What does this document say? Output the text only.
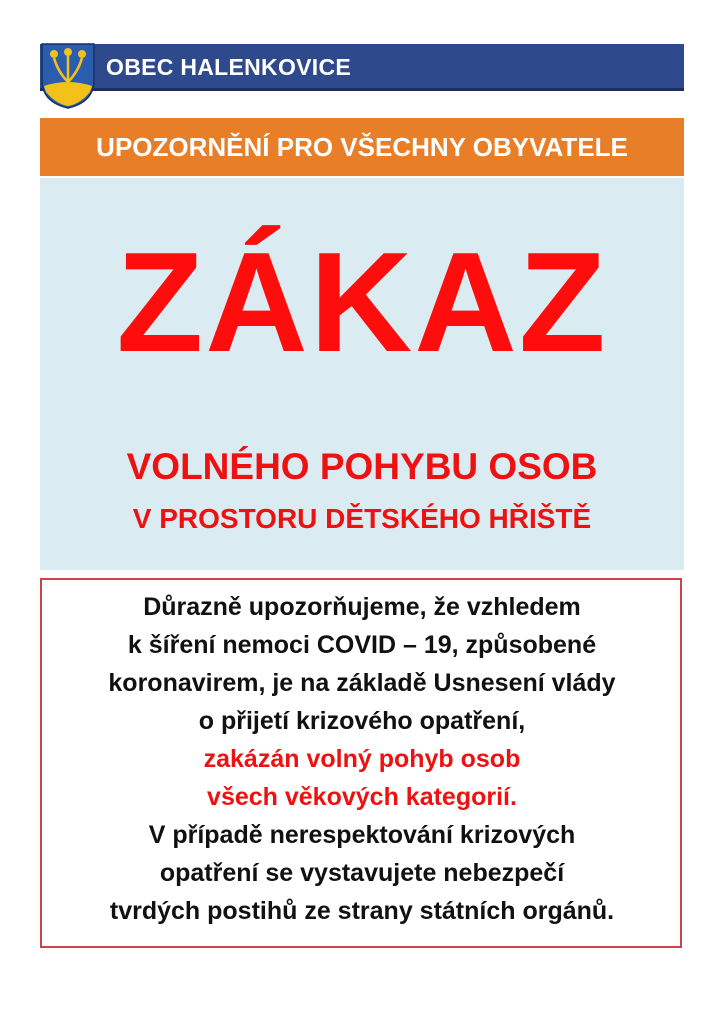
OBEC HALENKOVICE
UPOZORNĚNÍ PRO VŠECHNY OBYVATELE
ZÁKAZ
VOLNÉHO POHYBU OSOB
V PROSTORU DĚTSKÉHO HŘIŠTĚ
Důrazně upozorňujeme, že vzhledem
k šíření nemoci COVID – 19, způsobené
koronavirem, je na základě Usnesení vlády
o přijetí krizového opatření,
zakázán volný pohyb osob
všech věkových kategorií.
V případě nerespektování krizových
opatření se vystavujete nebezpečí
tvrdých postihů ze strany státních orgánů.
